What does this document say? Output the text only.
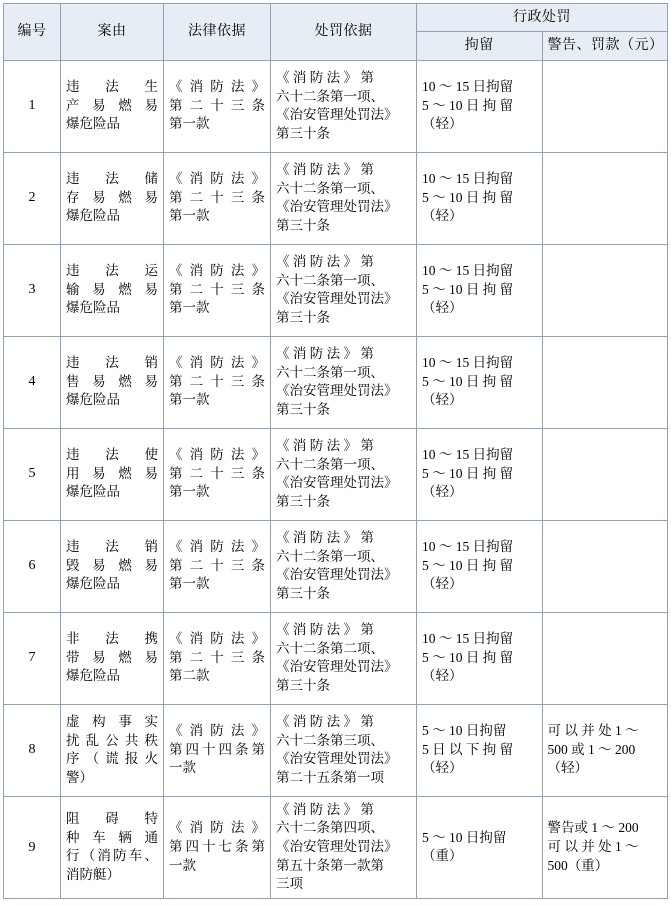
编号	案由	法律依据	处罚依据	行政处罚	
				拘留	警告、罚款（元）
1	违 法 生
产 易 燃 易
爆危险品	《消防法》
第二十三条
第一款	《 消 防 法 》 第
六十二条第一项、
《治安管理处罚法》
第三十条	10 ～ 15 日拘留
5 ～ 10 日 拘 留
（轻）	

2	违 法 储
存 易 燃 易
爆危险品	《消防法》
第二十三条
第一款	《 消 防 法 》 第
六十二条第一项、
《治安管理处罚法》
第三十条	10 ～ 15 日拘留
5 ～ 10 日 拘 留
（轻）	

3	违 法 运
输 易 燃 易
爆危险品	《消防法》
第二十三条
第一款	《 消 防 法 》 第
六十二条第一项、
《治安管理处罚法》
第三十条	10 ～ 15 日拘留
5 ～ 10 日 拘 留
（轻）	

4	违 法 销
售 易 燃 易
爆危险品	《消防法》
第二十三条
第一款	《 消 防 法 》 第
六十二条第一项、
《治安管理处罚法》
第三十条	10 ～ 15 日拘留
5 ～ 10 日 拘 留
（轻）	

5	违 法 使
用 易 燃 易
爆危险品	《消防法》
第二十三条
第一款	《 消 防 法 》 第
六十二条第一项、
《治安管理处罚法》
第三十条	10 ～ 15 日拘留
5 ～ 10 日 拘 留
（轻）	

6	违 法 销
毁 易 燃 易
爆危险品	《消防法》
第二十三条
第一款	《 消 防 法 》 第
六十二条第一项、
《治安管理处罚法》
第三十条	10 ～ 15 日拘留
5 ～ 10 日 拘 留
（轻）	

7	非 法 携
带 易 燃 易
爆危险品	《消防法》
第二十三条
第二款	《 消 防 法 》 第
六十二条第二项、
《治安管理处罚法》
第三十条	10 ～ 15 日拘留
5 ～ 10 日 拘 留
（轻）	

8	虚构事实
扰乱公共秩
序（谎报火
警）	《消防法》
第四十四条第
一款	《 消 防 法 》 第
六十二条第三项、
《治安管理处罚法》
第二十五条第一项	5 ～ 10 日拘留
5 日 以 下 拘 留
（轻）	可 以 并 处 1 ～
500 或 1 ～ 200
（轻）

9	阻 碍 特
种 车 辆 通
行（消防车、
消防艇）	《消防法》
第四十七条第
一款	《 消 防 法 》 第
六十二条第四项、
《治安管理处罚法》
第五十条第一款第
三项	5 ～ 10 日拘留
（重）	警告或 1 ～ 200
可 以 并 处 1 ～
500（重）
